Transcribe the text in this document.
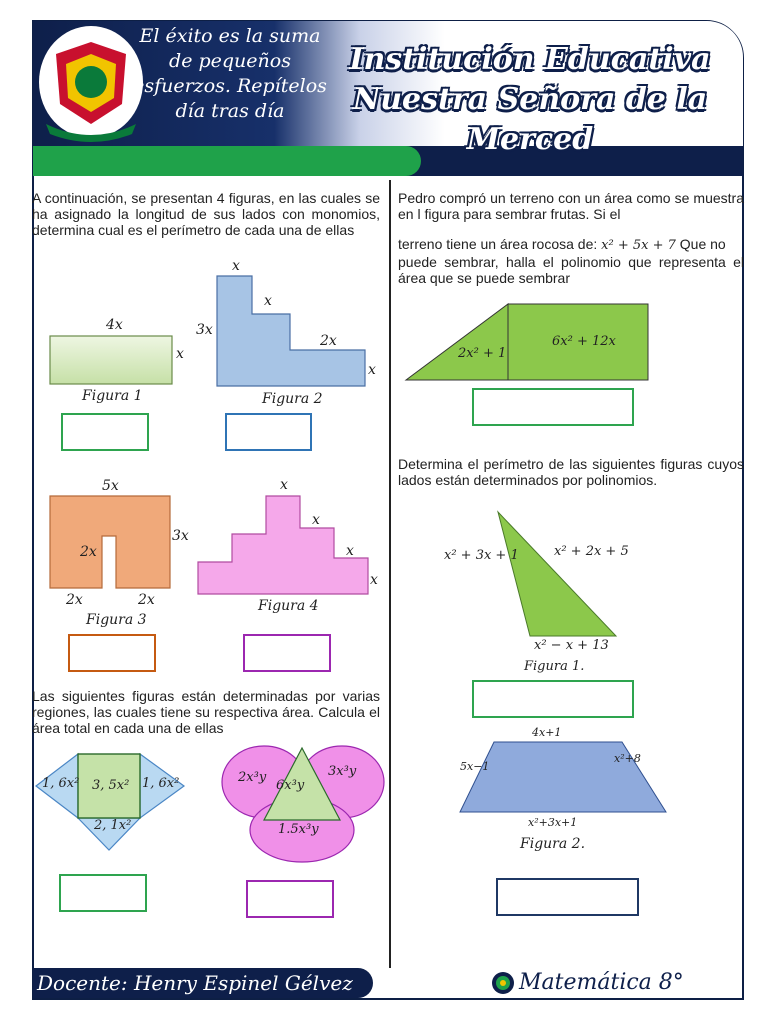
El éxito es la suma de pequeños esfuerzos. Repítelos día tras día
Institución Educativa
Nuestra Señora de la Merced
A continuación, se presentan 4 figuras, en las cuales se ha asignado la longitud de sus lados con monomios, determina cual es el perímetro de cada una de ellas
4x
x
Figura 1
x
x
3x
2x
x
Figura 2
5x
2x
3x
2x	2x
Figura 3
x
x
x
x
Figura 4
Las siguientes figuras están determinadas por varias regiones, las cuales tiene su respectiva área. Calcula el área total en cada una de ellas
1, 6x² 3, 5x² 1, 6x²
2, 1x²
2x³y
6x³y
3x³y
1.5x³y
Pedro compró un terreno con un área como se muestra en l figura para sembrar frutas. Si el
terreno tiene un área rocosa de: x² + 5x + 7 Que no
puede sembrar, halla el polinomio que representa el área que se puede sembrar
2x² + 1
6x² + 12x
Determina el perímetro de las siguientes figuras cuyos lados están determinados por polinomios.
x² + 3x + 1	x² + 2x + 5
x² − x + 13
Figura 1.
4x+1
5x−1
x²+8
x²+3x+1
Figura 2.
Docente: Henry Espinel Gélvez	Matemática 8°
